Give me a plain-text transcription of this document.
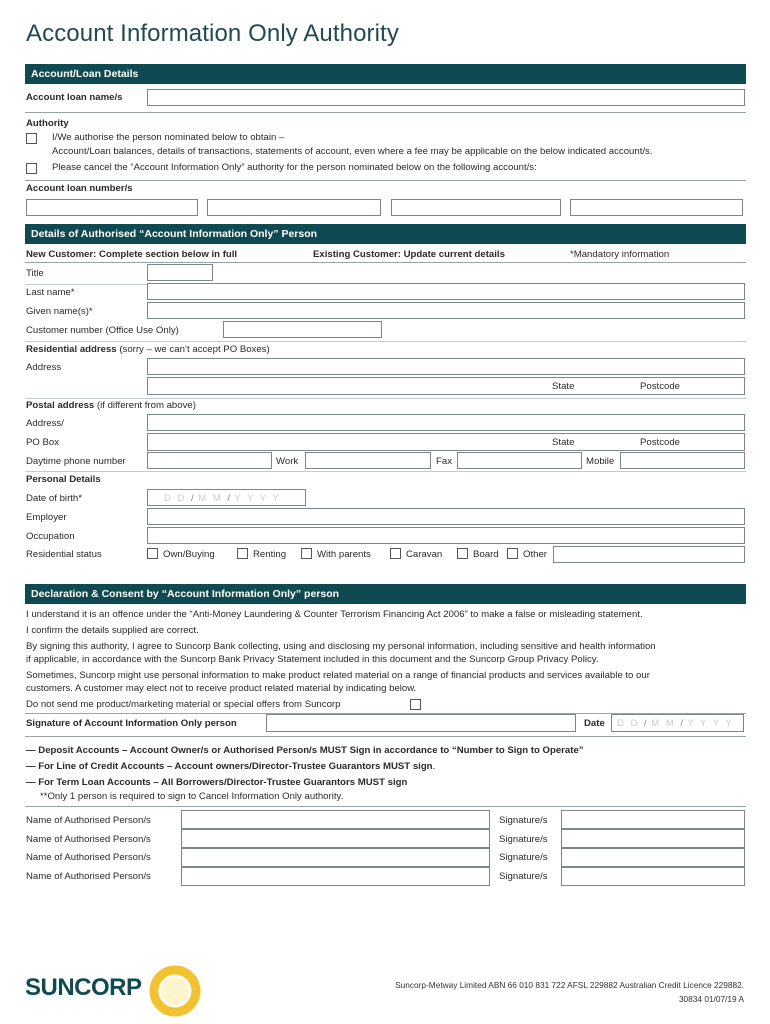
Account Information Only Authority
Account/Loan Details
Account loan name/s
Authority
I/We authorise the person nominated below to obtain –
Account/Loan balances, details of transactions, statements of account, even where a fee may be applicable on the below indicated account/s.
Please cancel the “Account Information Only” authority for the person nominated below on the following account/s:
Account loan number/s
Details of Authorised “Account Information Only” Person
New Customer: Complete section below in full	Existing Customer: Update current details	*Mandatory information
Title
Last name*
Given name(s)*
Customer number (Office Use Only)
Residential address (sorry – we can’t accept PO Boxes)
Address
State	Postcode
Postal address (if different from above)
Address/
PO Box	State	Postcode
Daytime phone number	Work	Fax	Mobile
Personal Details
Date of birth*	D D / M M / Y Y Y Y
Employer
Occupation
Residential status	Own/Buying	Renting	With parents	Caravan	Board	Other
Declaration & Consent by “Account Information Only” person
I understand it is an offence under the “Anti-Money Laundering & Counter Terrorism Financing Act 2006” to make a false or misleading statement.
I confirm the details supplied are correct.
By signing this authority, I agree to Suncorp Bank collecting, using and disclosing my personal information, including sensitive and health information
if applicable, in accordance with the Suncorp Bank Privacy Statement included in this document and the Suncorp Group Privacy Policy.
Sometimes, Suncorp might use personal information to make product related material on a range of financial products and services available to our
customers. A customer may elect not to receive product related material by indicating below.
Do not send me product/marketing material or special offers from Suncorp
Signature of Account Information Only person	Date	D D / M M / Y Y Y Y
— Deposit Accounts – Account Owner/s or Authorised Person/s MUST Sign in accordance to “Number to Sign to Operate”
— For Line of Credit Accounts – Account owners/Director-Trustee Guarantors MUST sign.
— For Term Loan Accounts – All Borrowers/Director-Trustee Guarantors MUST sign
**Only 1 person is required to sign to Cancel Information Only authority.
Name of Authorised Person/s	Signature/s
Name of Authorised Person/s	Signature/s
Name of Authorised Person/s	Signature/s
Name of Authorised Person/s	Signature/s
SUNCORP	Suncorp-Metway Limited ABN 66 010 831 722 AFSL 229882 Australian Credit Licence 229882.
30834 01/07/19 A
